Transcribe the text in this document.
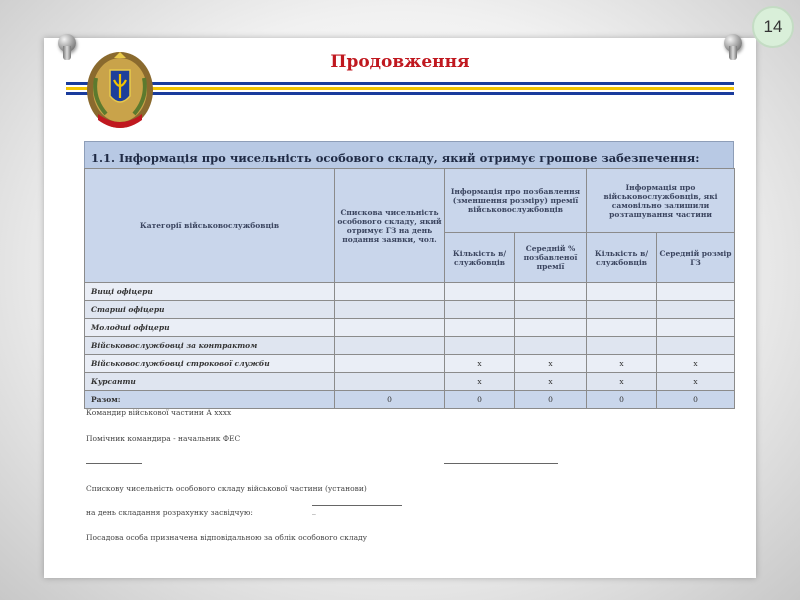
14
Продовження
1.1. Інформація про чисельність особового складу, який отримує грошове забезпечення:
Категорії військовослужбовців	Спискова чисельність особового складу, який отримує ГЗ на день подання заявки, чол.	Інформація про позбавлення (зменшення розміру) премії військовослужбовців		Інформація про військовослужбовців, які самовільно залишили розташування частини	
		Кількість в/службовців	Середній % позбавленої премії	Кількість в/службовців	Середній розмір ГЗ
Вищі офіцери					
Старші офіцери					
Молодші офіцери					
Військовослужбовці за контрактом					
Військовослужбовці строкової служби		х	х	х	х
Курсанти		х	х	х	х
Разом:	0	0	0	0	0
Командир військової частини А хххх
Помічник командира - начальник ФЕС
Спискову чисельність особового складу військової частини (установи)
на день складання розрахунку засвідчую:	_
Посадова особа призначена відповідальною за облік особового складу
